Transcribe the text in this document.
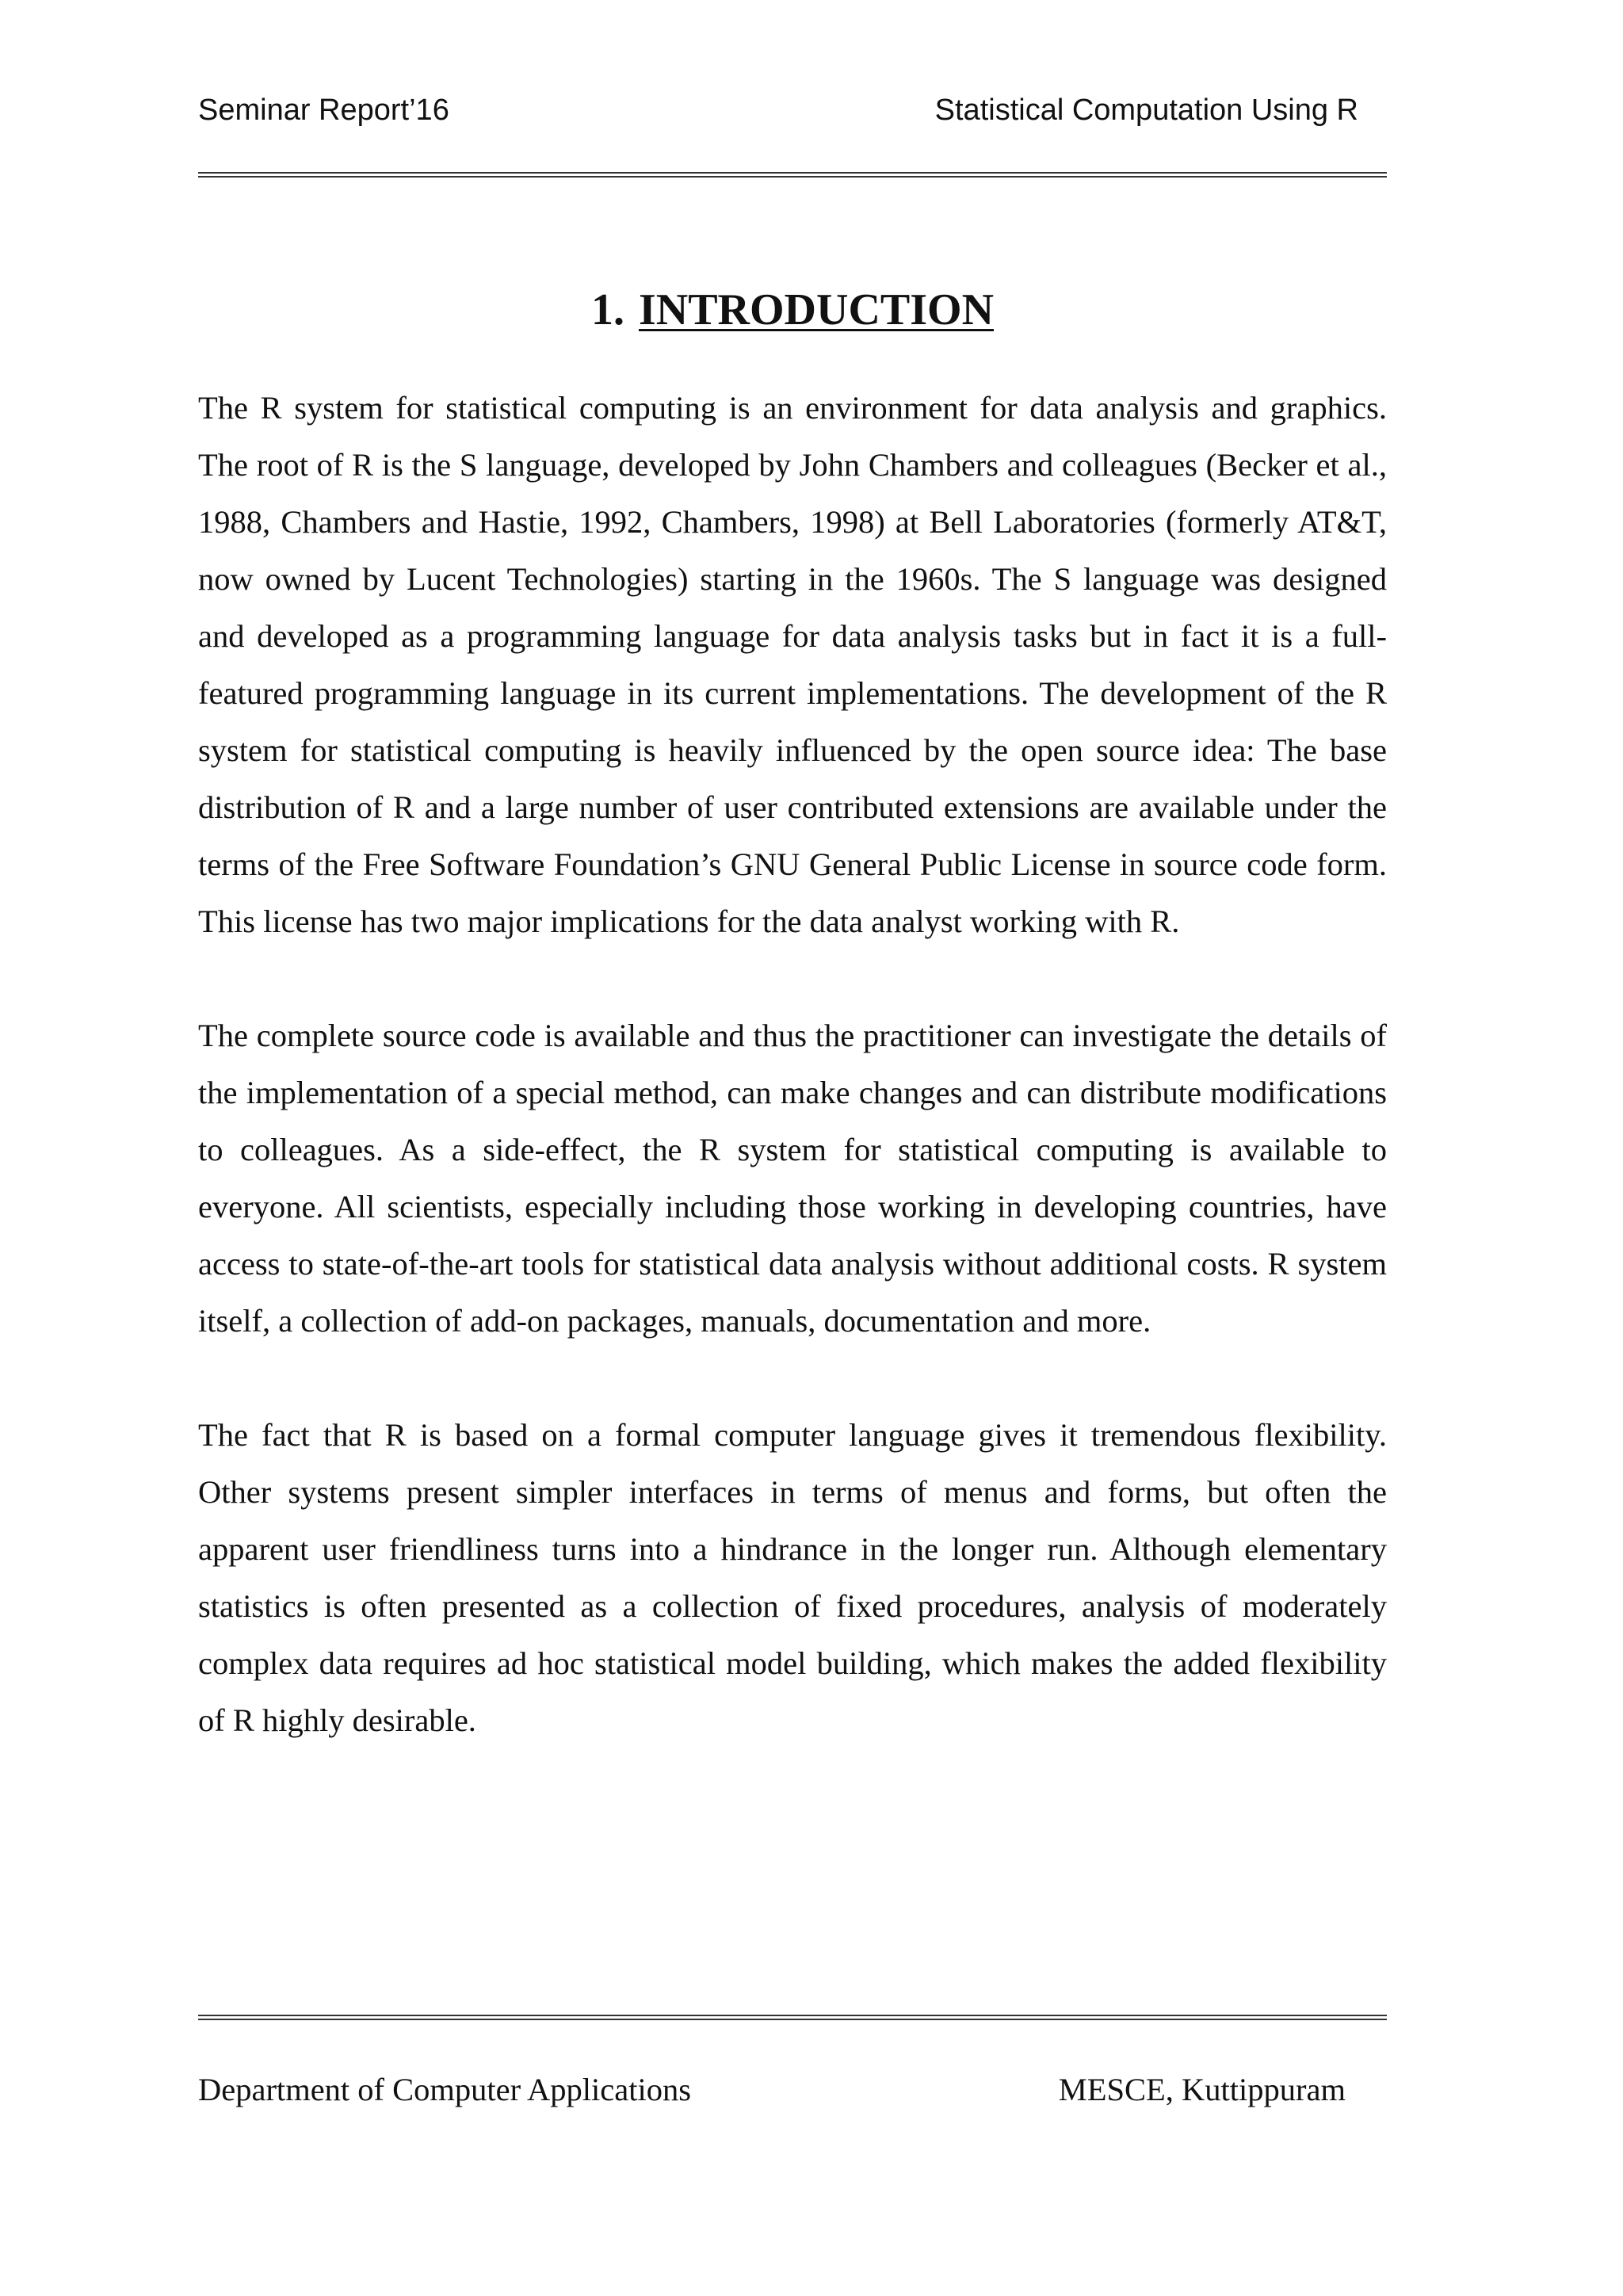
Seminar Report’16	Statistical Computation Using R
1. INTRODUCTION

The R system for statistical computing is an environment for data analysis and graphics. The root of R is the S language, developed by John Chambers and colleagues (Becker et al., 1988, Chambers and Hastie, 1992, Chambers, 1998) at Bell Laboratories (formerly AT&T, now owned by Lucent Technologies) starting in the 1960s. The S language was designed and developed as a programming language for data analysis tasks but in fact it is a full-featured programming language in its current implementations. The development of the R system for statistical computing is heavily influenced by the open source idea: The base distribution of R and a large number of user contributed extensions are available under the terms of the Free Software Foundation’s GNU General Public License in source code form. This license has two major implications for the data analyst working with R.

The complete source code is available and thus the practitioner can investigate the details of the implementation of a special method, can make changes and can distribute modifications to colleagues. As a side-effect, the R system for statistical computing is available to everyone. All scientists, especially including those working in developing countries, have access to state-of-the-art tools for statistical data analysis without additional costs. R system itself, a collection of add-on packages, manuals, documentation and more.

The fact that R is based on a formal computer language gives it tremendous flexibility. Other systems present simpler interfaces in terms of menus and forms, but often the apparent user friendliness turns into a hindrance in the longer run. Although elementary statistics is often presented as a collection of fixed procedures, analysis of moderately complex data requires ad hoc statistical model building, which makes the added flexibility of R highly desirable.

Department of Computer Applications	MESCE, Kuttippuram
